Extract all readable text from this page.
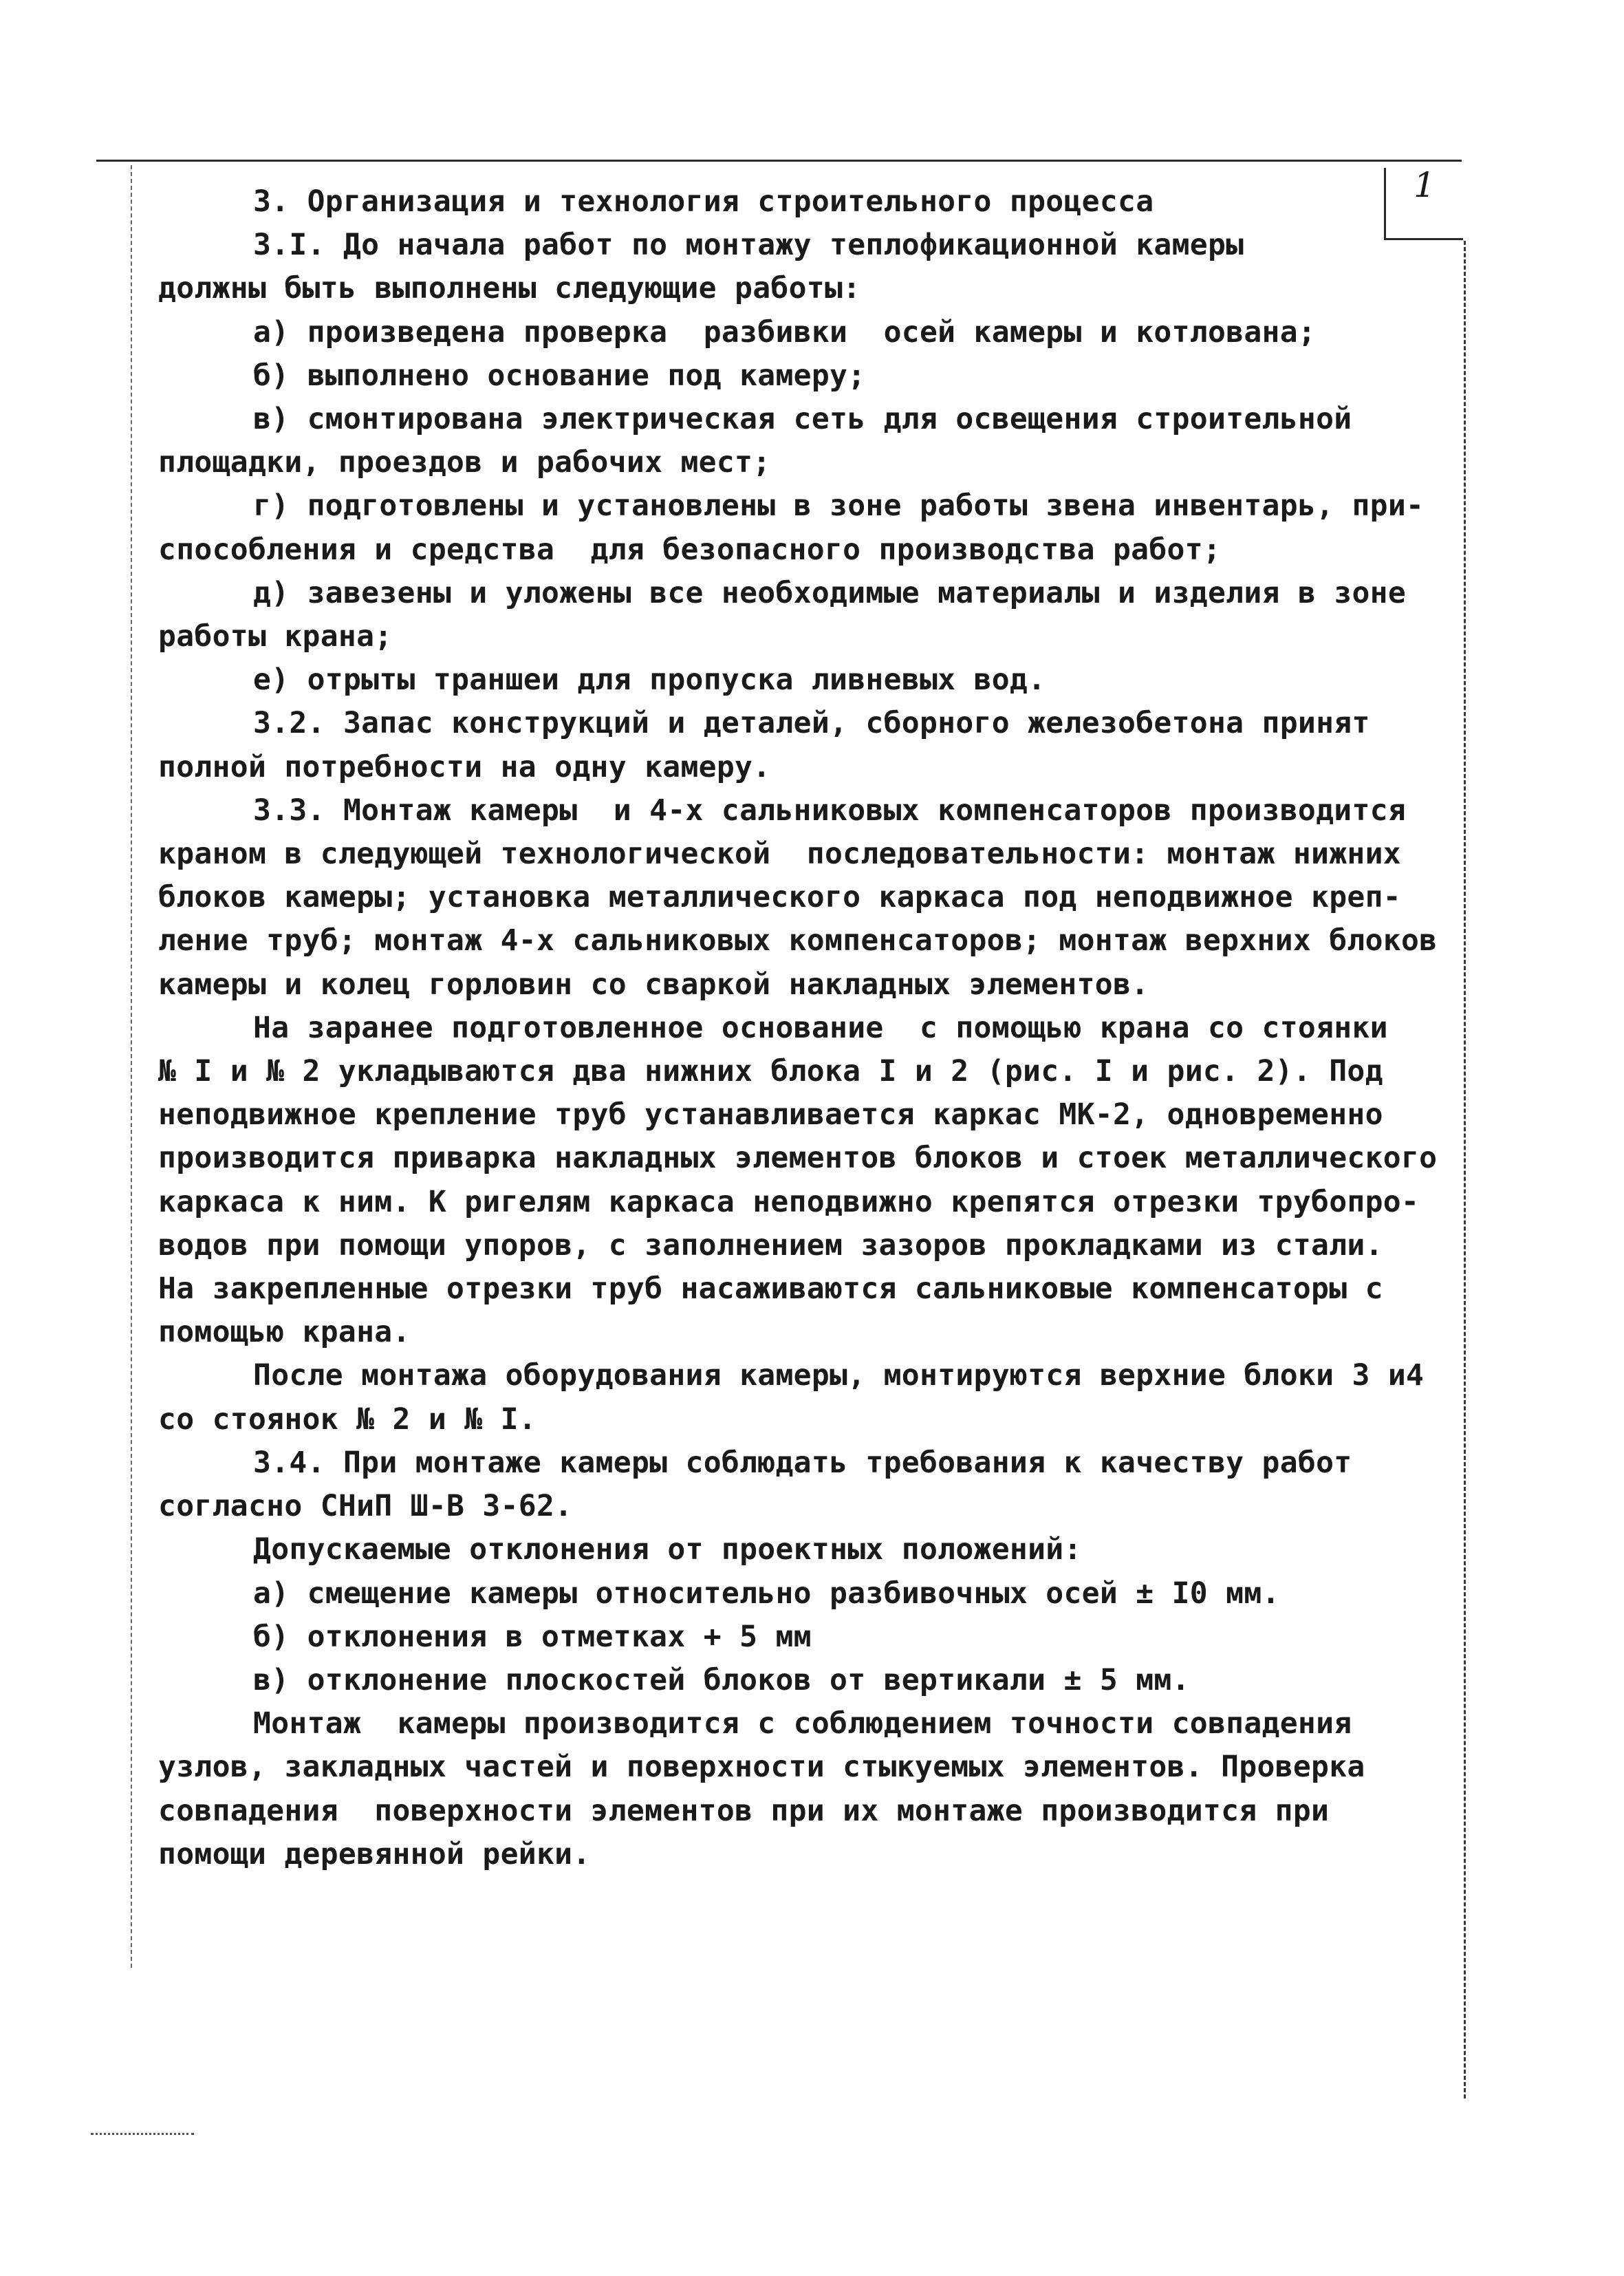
1

3. Организация и технология строительного процесса

3.I. До начала работ по монтажу теплофикационной камеры

должны быть выполнены следующие работы:

а) произведена проверка  разбивки  осей камеры и котлована;

б) выполнено основание под камеру;

в) смонтирована электрическая сеть для освещения строительной

площадки, проездов и рабочих мест;

г) подготовлены и установлены в зоне работы звена инвентарь, при-

способления и средства  для безопасного производства работ;

д) завезены и уложены все необходимые материалы и изделия в зоне

работы крана;

е) отрыты траншеи для пропуска ливневых вод.

3.2. Запас конструкций и деталей, сборного железобетона принят

полной потребности на одну камеру.

3.3. Монтаж камеры  и 4-х сальниковых компенсаторов производится

краном в следующей технологической  последовательности: монтаж нижних

блоков камеры; установка металлического каркаса под неподвижное креп-

ление труб; монтаж 4-х сальниковых компенсаторов; монтаж верхних блоков

камеры и колец горловин со сваркой накладных элементов.

На заранее подготовленное основание  с помощью крана со стоянки

№ I и № 2 укладываются два нижних блока I и 2 (рис. I и рис. 2). Под

неподвижное крепление труб устанавливается каркас МК-2, одновременно

производится приварка накладных элементов блоков и стоек металлического

каркаса к ним. К ригелям каркаса неподвижно крепятся отрезки трубопро-

водов при помощи упоров, с заполнением зазоров прокладками из стали.

На закрепленные отрезки труб насаживаются сальниковые компенсаторы с

помощью крана.

После монтажа оборудования камеры, монтируются верхние блоки 3 и4

со стоянок № 2 и № I.

3.4. При монтаже камеры соблюдать требования к качеству работ

согласно СНиП Ш-В 3-62.

Допускаемые отклонения от проектных положений:

а) смещение камеры относительно разбивочных осей ± I0 мм.

б) отклонения в отметках + 5 мм

в) отклонение плоскостей блоков от вертикали ± 5 мм.

Монтаж  камеры производится с соблюдением точности совпадения

узлов, закладных частей и поверхности стыкуемых элементов. Проверка

совпадения  поверхности элементов при их монтаже производится при

помощи деревянной рейки.
